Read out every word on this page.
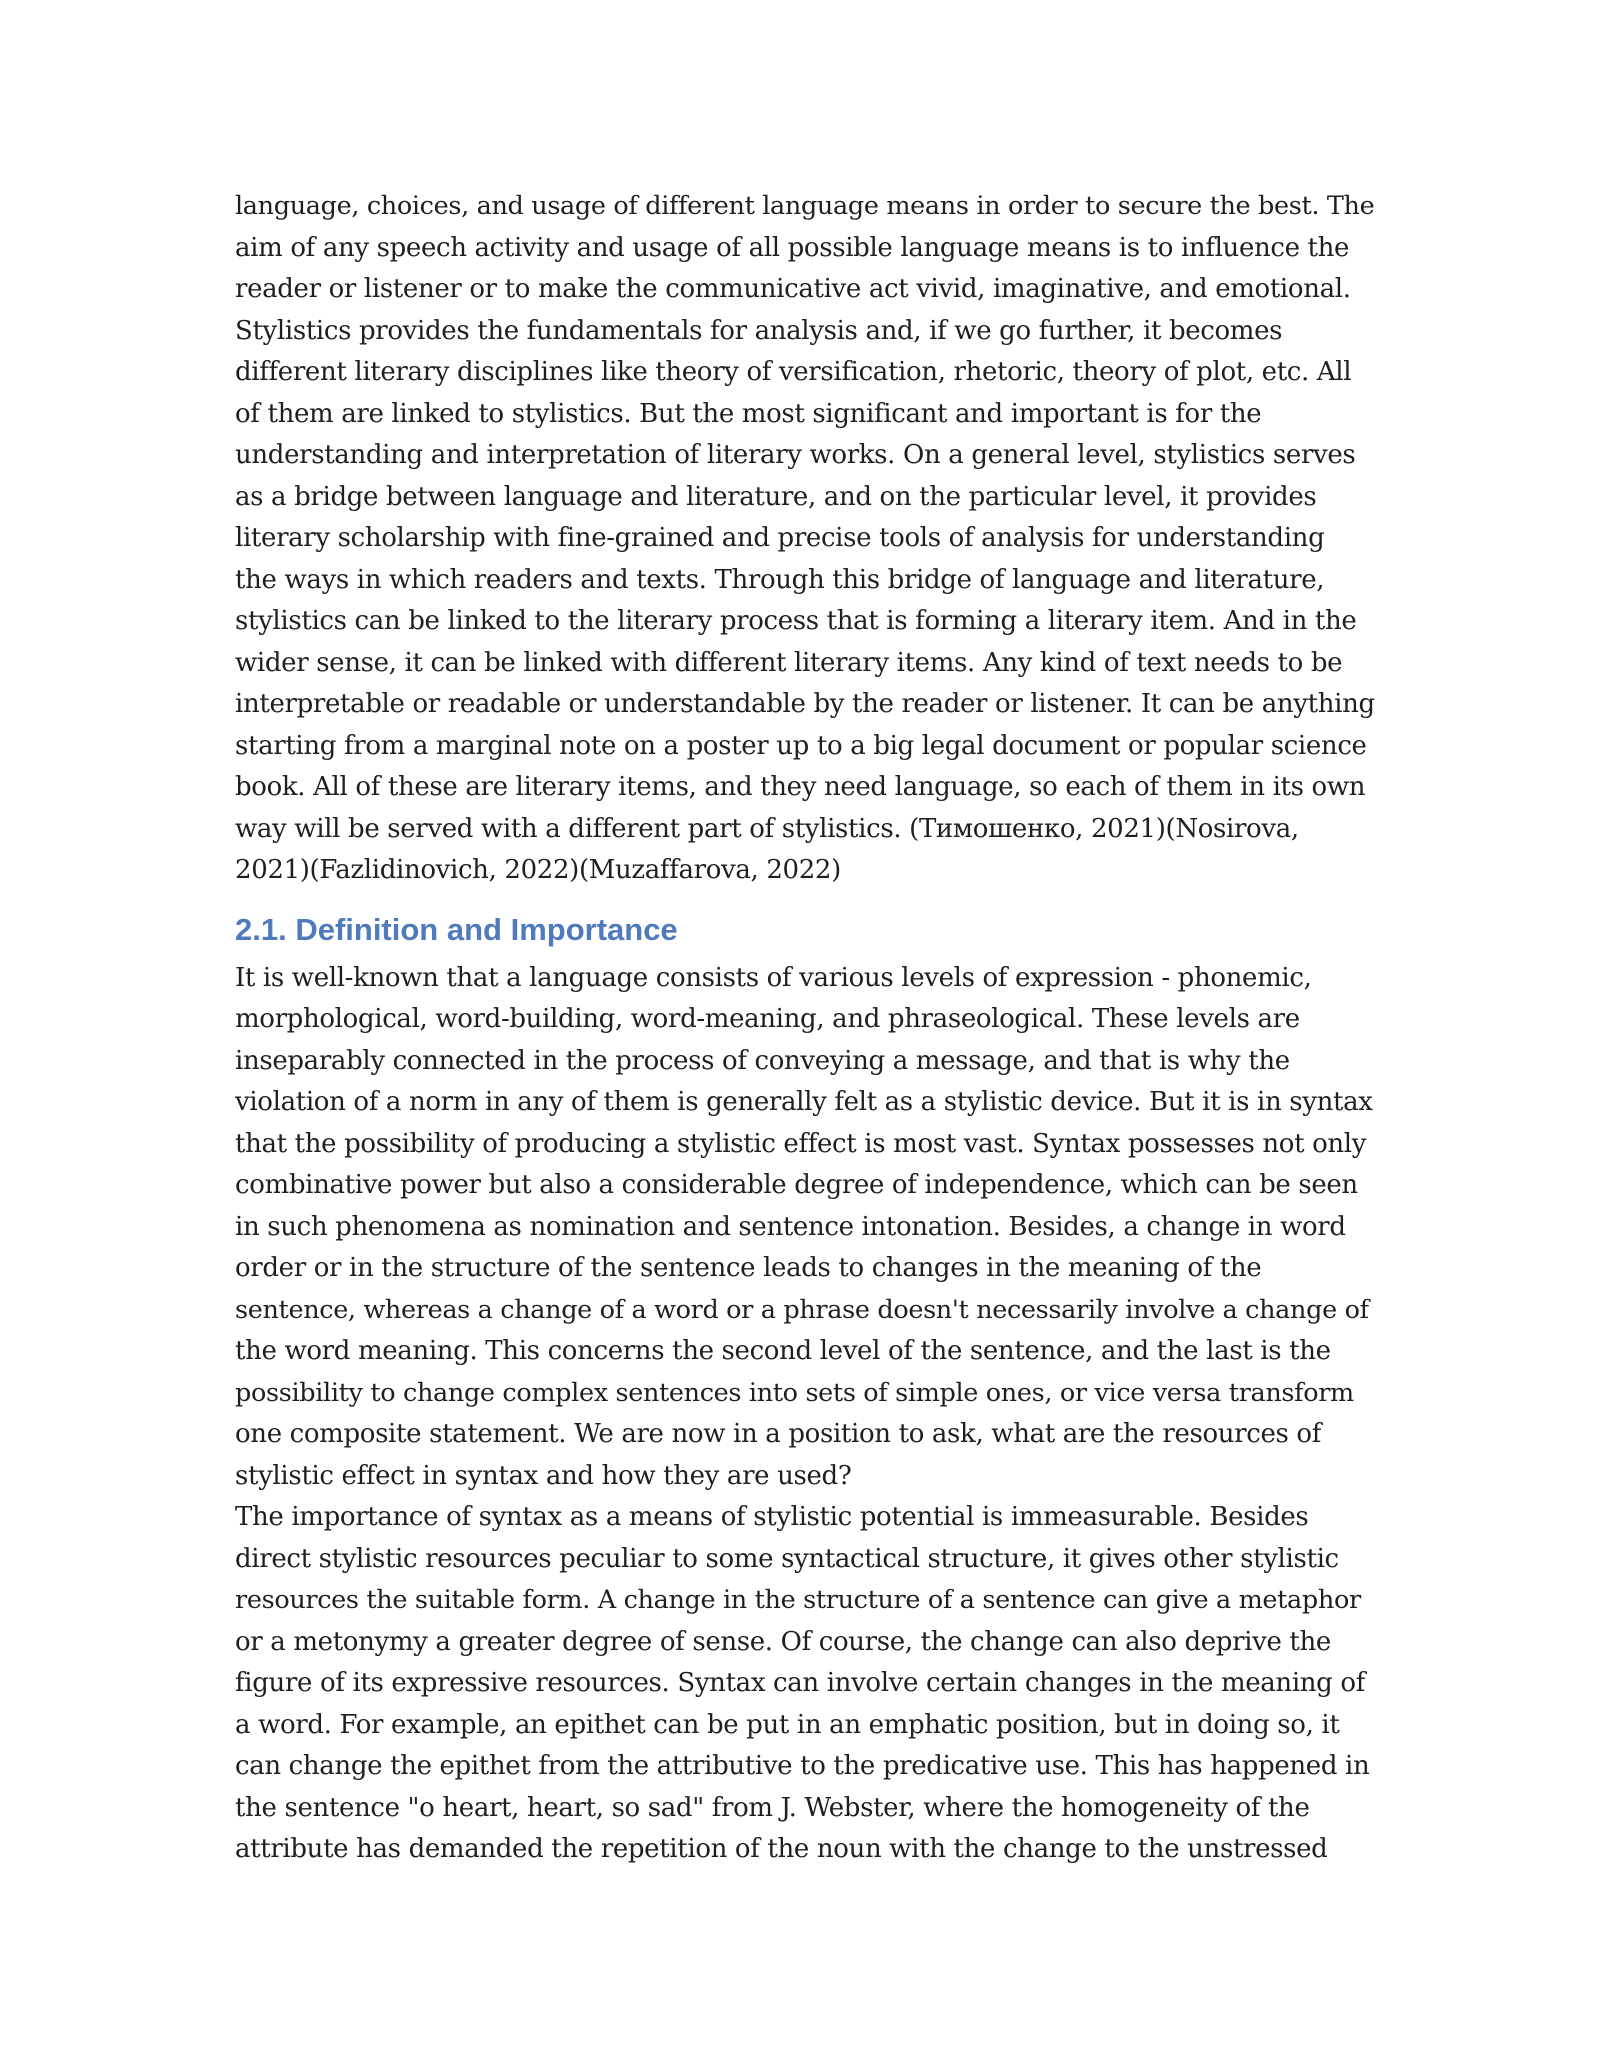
language, choices, and usage of different language means in order to secure the best. The
aim of any speech activity and usage of all possible language means is to influence the
reader or listener or to make the communicative act vivid, imaginative, and emotional.
Stylistics provides the fundamentals for analysis and, if we go further, it becomes
different literary disciplines like theory of versification, rhetoric, theory of plot, etc. All
of them are linked to stylistics. But the most significant and important is for the
understanding and interpretation of literary works. On a general level, stylistics serves
as a bridge between language and literature, and on the particular level, it provides
literary scholarship with fine-grained and precise tools of analysis for understanding
the ways in which readers and texts. Through this bridge of language and literature,
stylistics can be linked to the literary process that is forming a literary item. And in the
wider sense, it can be linked with different literary items. Any kind of text needs to be
interpretable or readable or understandable by the reader or listener. It can be anything
starting from a marginal note on a poster up to a big legal document or popular science
book. All of these are literary items, and they need language, so each of them in its own
way will be served with a different part of stylistics. (Тимошенко, 2021)(Nosirova,
2021)(Fazlidinovich, 2022)(Muzaffarova, 2022)
2.1. Definition and Importance
It is well-known that a language consists of various levels of expression - phonemic,
morphological, word-building, word-meaning, and phraseological. These levels are
inseparably connected in the process of conveying a message, and that is why the
violation of a norm in any of them is generally felt as a stylistic device. But it is in syntax
that the possibility of producing a stylistic effect is most vast. Syntax possesses not only
combinative power but also a considerable degree of independence, which can be seen
in such phenomena as nomination and sentence intonation. Besides, a change in word
order or in the structure of the sentence leads to changes in the meaning of the
sentence, whereas a change of a word or a phrase doesn't necessarily involve a change of
the word meaning. This concerns the second level of the sentence, and the last is the
possibility to change complex sentences into sets of simple ones, or vice versa transform
one composite statement. We are now in a position to ask, what are the resources of
stylistic effect in syntax and how they are used?
The importance of syntax as a means of stylistic potential is immeasurable. Besides
direct stylistic resources peculiar to some syntactical structure, it gives other stylistic
resources the suitable form. A change in the structure of a sentence can give a metaphor
or a metonymy a greater degree of sense. Of course, the change can also deprive the
figure of its expressive resources. Syntax can involve certain changes in the meaning of
a word. For example, an epithet can be put in an emphatic position, but in doing so, it
can change the epithet from the attributive to the predicative use. This has happened in
the sentence "o heart, heart, so sad" from J. Webster, where the homogeneity of the
attribute has demanded the repetition of the noun with the change to the unstressed
